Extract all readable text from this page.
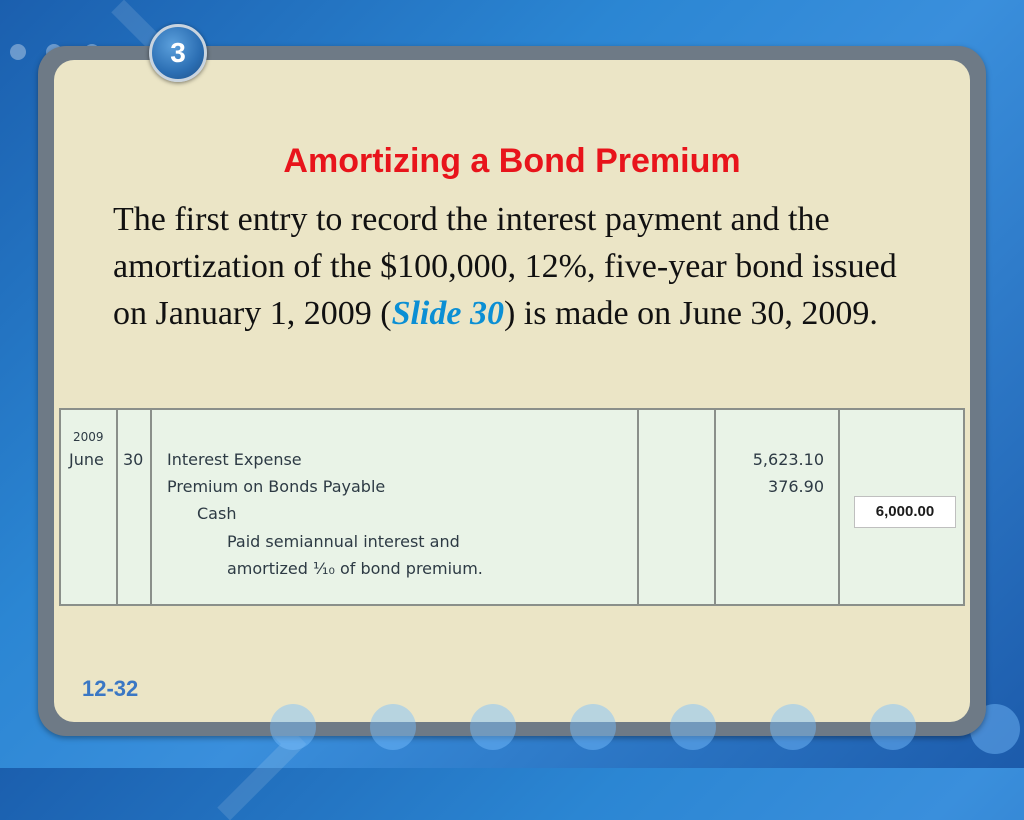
3
Amortizing a Bond Premium
The first entry to record the interest payment and the amortization of the $100,000, 12%, five-year bond issued on January 1, 2009 (Slide 30) is made on June 30, 2009.
2009
June 30 Interest Expense
Premium on Bonds Payable
Cash
Paid semiannual interest and
amortized ¹⁄₁₀ of bond premium.
5,623.10
376.90
6,000.00
12-32
